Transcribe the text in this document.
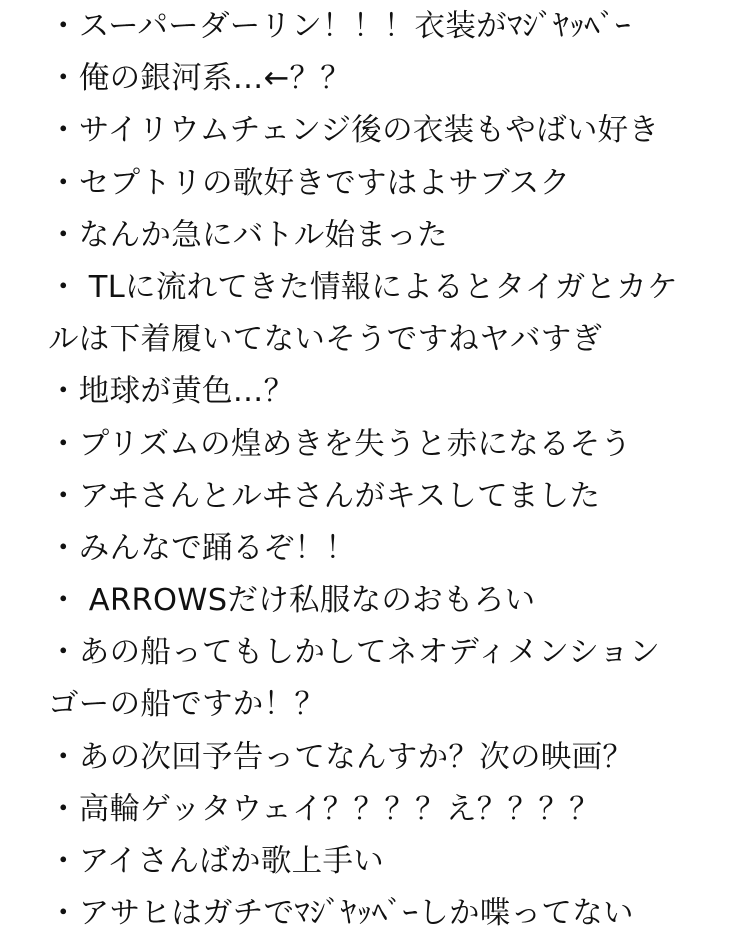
・スーパーダーリン！！！衣装がﾏｼﾞﾔｯﾍﾞｰ
・俺の銀河系…←？？
・サイリウムチェンジ後の衣装もやばい好き
・セプトリの歌好きですはよサブスク
・なんか急にバトル始まった
・ TLに流れてきた情報によるとタイガとカケ
ルは下着履いてないそうですねヤバすぎ
・地球が黄色…？
・プリズムの煌めきを失うと赤になるそう
・アヰさんとルヰさんがキスしてました
・みんなで踊るぞ！！
・ ARROWSだけ私服なのおもろい
・あの船ってもしかしてネオディメンション
ゴーの船ですか！？
・あの次回予告ってなんすか？次の映画？
・高輪ゲッタウェイ？？？？え？？？？
・アイさんばか歌上手い
・アサヒはガチでﾏｼﾞﾔｯﾍﾞｰしか喋ってない
